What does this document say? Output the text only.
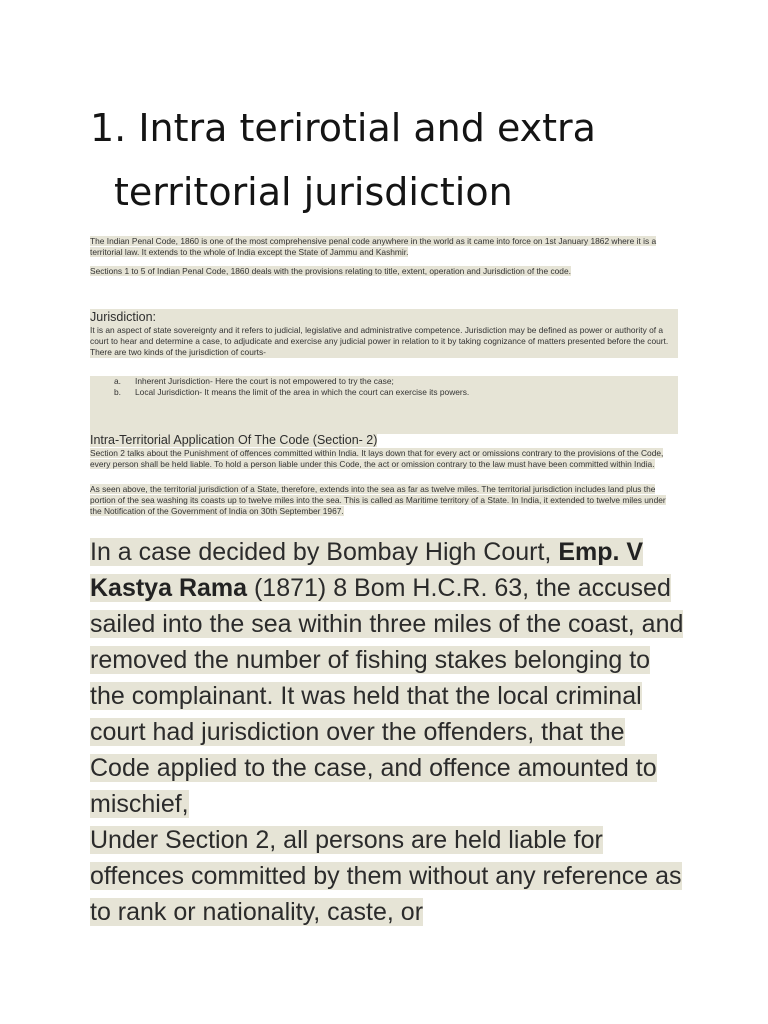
1. Intra terirotial and extra
territorial jurisdiction

The Indian Penal Code, 1860 is one of the most comprehensive penal code anywhere in the world as it came into force on 1st January 1862 where it is a territorial law. It extends to the whole of India except the State of Jammu and Kashmir.

Sections 1 to 5 of Indian Penal Code, 1860 deals with the provisions relating to title, extent, operation and Jurisdiction of the code.

Jurisdiction:

It is an aspect of state sovereignty and it refers to judicial, legislative and administrative competence. Jurisdiction may be defined as power or authority of a court to hear and determine a case, to adjudicate and exercise any judicial power in relation to it by taking cognizance of matters presented before the court. There are two kinds of the jurisdiction of courts-

a. Inherent Jurisdiction- Here the court is not empowered to try the case;
b. Local Jurisdiction- It means the limit of the area in which the court can exercise its powers.

Intra-Territorial Application Of The Code (Section- 2)

Section 2 talks about the Punishment of offences committed within India. It lays down that for every act or omissions contrary to the provisions of the Code, every person shall be held liable. To hold a person liable under this Code, the act or omission contrary to the law must have been committed within India.

As seen above, the territorial jurisdiction of a State, therefore, extends into the sea as far as twelve miles. The territorial jurisdiction includes land plus the portion of the sea washing its coasts up to twelve miles into the sea. This is called as Maritime territory of a State. In India, it extended to twelve miles under the Notification of the Government of India on 30th September 1967.

In a case decided by Bombay High Court, Emp. V Kastya Rama (1871) 8 Bom H.C.R. 63, the accused sailed into the sea within three miles of the coast, and removed the number of fishing stakes belonging to the complainant. It was held that the local criminal court had jurisdiction over the offenders, that the Code applied to the case, and offence amounted to mischief,
Under Section 2, all persons are held liable for offences committed by them without any reference as to rank or nationality, caste, or
